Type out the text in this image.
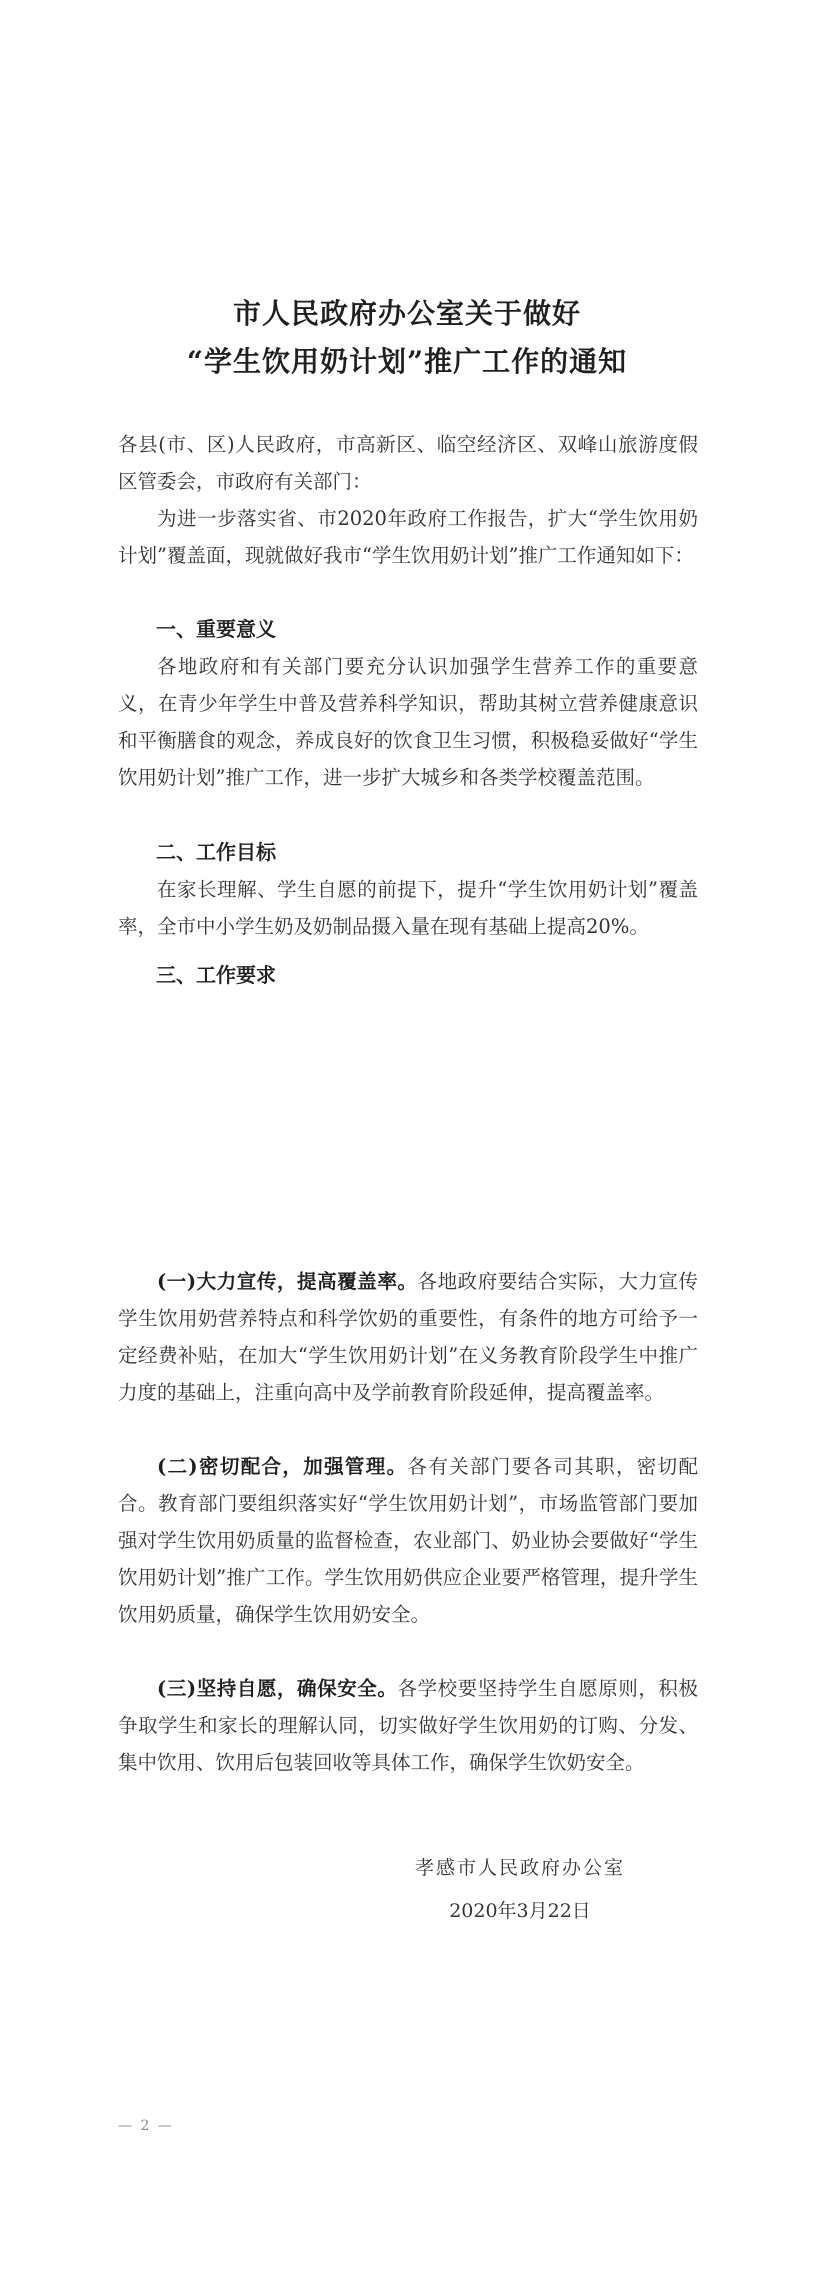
市人民政府办公室关于做好
“学生饮用奶计划”推广工作的通知

各县(市、区)人民政府，市高新区、临空经济区、双峰山旅游度假区管委会，市政府有关部门：

为进一步落实省、市2020年政府工作报告，扩大“学生饮用奶计划”覆盖面，现就做好我市“学生饮用奶计划”推广工作通知如下：

一、重要意义

各地政府和有关部门要充分认识加强学生营养工作的重要意义，在青少年学生中普及营养科学知识，帮助其树立营养健康意识和平衡膳食的观念，养成良好的饮食卫生习惯，积极稳妥做好“学生饮用奶计划”推广工作，进一步扩大城乡和各类学校覆盖范围。

二、工作目标

在家长理解、学生自愿的前提下，提升“学生饮用奶计划”覆盖率，全市中小学生奶及奶制品摄入量在现有基础上提高20%。

三、工作要求

(一)大力宣传，提高覆盖率。各地政府要结合实际，大力宣传学生饮用奶营养特点和科学饮奶的重要性，有条件的地方可给予一定经费补贴，在加大“学生饮用奶计划”在义务教育阶段学生中推广力度的基础上，注重向高中及学前教育阶段延伸，提高覆盖率。

(二)密切配合，加强管理。各有关部门要各司其职，密切配合。教育部门要组织落实好“学生饮用奶计划”，市场监管部门要加强对学生饮用奶质量的监督检查，农业部门、奶业协会要做好“学生饮用奶计划”推广工作。学生饮用奶供应企业要严格管理，提升学生饮用奶质量，确保学生饮用奶安全。

(三)坚持自愿，确保安全。各学校要坚持学生自愿原则，积极争取学生和家长的理解认同，切实做好学生饮用奶的订购、分发、集中饮用、饮用后包装回收等具体工作，确保学生饮奶安全。

孝感市人民政府办公室
2020年3月22日
— 2 —
